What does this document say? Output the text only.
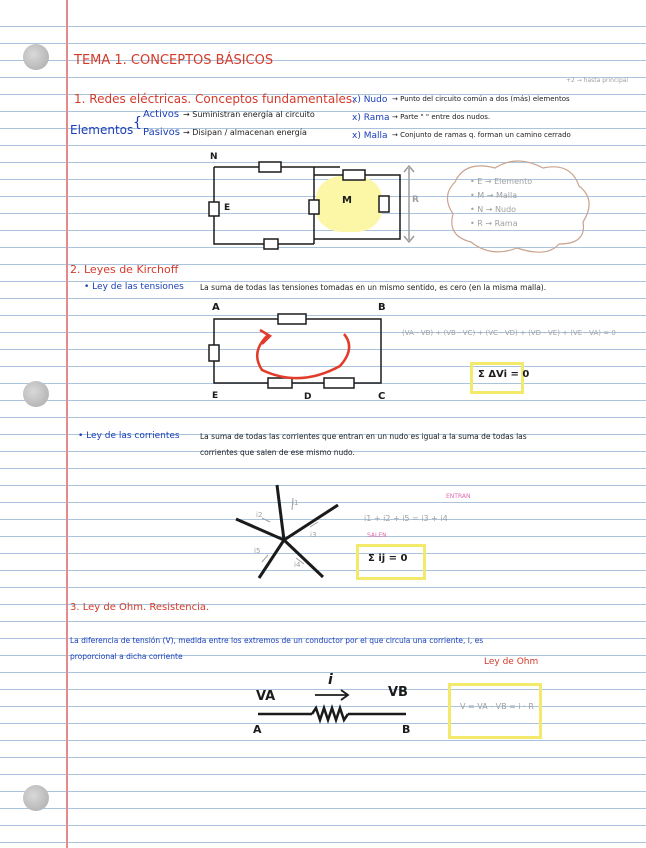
TEMA 1. CONCEPTOS BÁSICOS
1. Redes eléctricas. Conceptos fundamentales.
Elementos {
Activos → Suministran energía al circuito
Pasivos → Disipan / almacenan energía
+2 → hasta principal
x) Nudo → Punto del circuito común a dos (más) elementos
x) Rama → Parte " " entre dos nudos.
x) Malla → Conjunto de ramas q. forman un camino cerrado
N
E
M	R
• E → Elemento
• M → Malla
• N → Nudo
• R → Rama
2. Leyes de Kirchoff
• Ley de las tensiones La suma de todas las tensiones tomadas en un mismo sentido, es cero (en la misma malla).
A	B
C
D
E
(VA - VB) + (VB - VC) + (VC - VD) + (VD - VE) + (VE - VA) = 0
Σ ΔVi = 0
• Ley de las corrientes	La suma de todas las corrientes que entran en un nudo es igual a la suma de todas las
corrientes que salen de ese mismo nudo.
i1
i2
i3
i4
i5
ENTRAN
SALEN
i1 + i2 + i5 = i3 + i4
Σ ij = 0
3. Ley de Ohm. Resistencia.
La diferencia de tensión (V), medida entre los extremos de un conductor por el que circula una corriente, i, es
proporcional a dicha corriente
Ley de Ohm
VA	VB
i
A	B
V = VA - VB = i · R
